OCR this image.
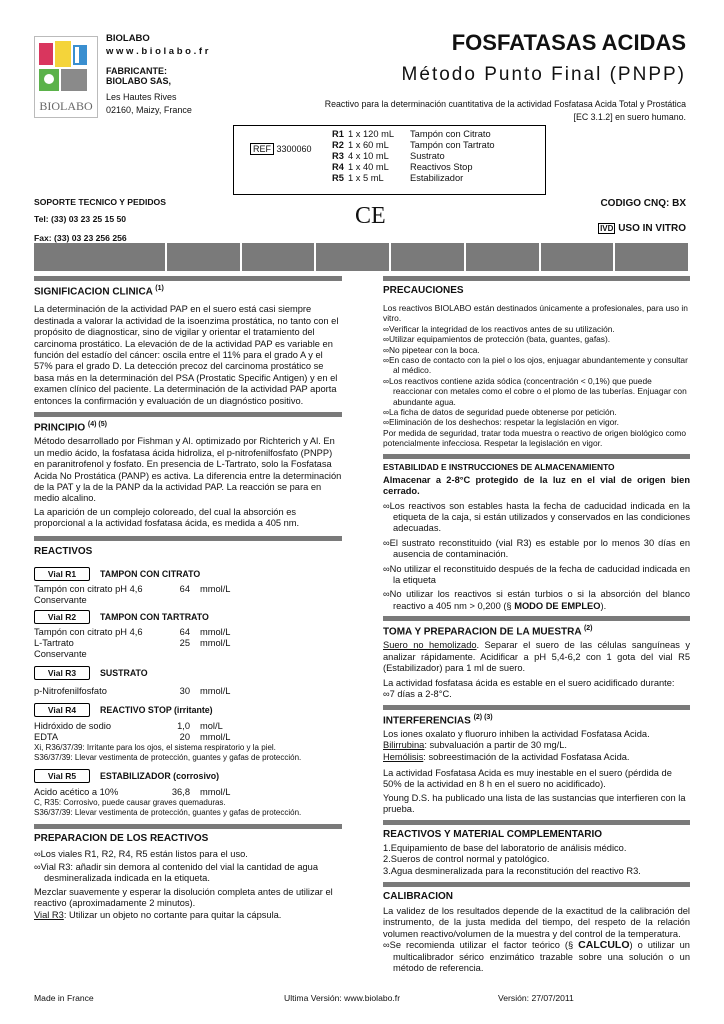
BIOLABO
BIOLABO
w w w . b i o l a b o . f r
FABRICANTE:
BIOLABO SAS,
Les Hautes Rives
02160, Maizy, France
FOSFATASAS ACIDAS
Método Punto Final (PNPP)
Reactivo para la determinación cuantitativa de la actividad Fosfatasa Acida Total y Prostática
[EC 3.1.2] en suero humano.
REF 3300060
R1	1 x 120 mL	Tampón con Citrato
R2	1 x 60 mL	Tampón con Tartrato
R3	4 x 10 mL	Sustrato
R4	1 x 40 mL	Reactivos Stop
R5	1 x 5 mL	Estabilizador
SOPORTE TECNICO Y PEDIDOS
Tel: (33) 03 23 25 15 50
Fax: (33) 03 23 256 256
CE	CODIGO CNQ: BX
IVD USO IN VITRO
SIGNIFICACION CLINICA $^{(1)}$
La determinación de la actividad PAP en el suero está casi siempre destinada a valorar la actividad de la isoenzima prostática, no tanto con el propósito de diagnosticar, sino de vigilar y orientar el tratamiento del carcinoma prostático. La elevación de de la actividad PAP es variable en función del estadío del cáncer: oscila entre el 11% para el grado A y el 57% para el grado D. La detección precoz del carcinoma prostático se basa más en la determinación del PSA (Prostatic Specific Antigen) y en el examen clínico del paciente. La determinación de la actividad PAP aporta entonces la confirmación y evaluación de un diagnóstico positivo.
PRINCIPIO $^{(4) (5)}$
Método desarrollado por Fishman y Al. optimizado por Richterich y Al. En un medio ácido, la fosfatasa ácida hidroliza, el p-nitrofenilfosfato (PNPP) en paranitrofenol y fosfato. En presencia de L-Tartrato, solo la Fosfatasa Acida No Prostática (PANP) es activa. La diferencia entre la determinación de la PAT y la de la PANP da la actividad PAP. La reacción se para en medio alcalino.
La aparición de un complejo coloreado, del cual la absorción es proporcional a la actividad fosfatasa ácida, es medida a 405 nm.
REACTIVOS
Vial R1	TAMPON CON CITRATO
Tampón con citrato pH 4,6	64	mmol/L
Conservante		
Vial R2	TAMPON CON TARTRATO
Tampón con citrato pH 4,6	64	mmol/L
L-Tartrato	25	mmol/L
Conservante		
Vial R3	SUSTRATO
p-Nitrofenilfosfato	30	mmol/L
Vial R4	REACTIVO STOP (irritante)
Hidróxido de sodio	1,0	mol/L
EDTA	20	mmol/L
Xi, R36/37/39: Irritante para los ojos, el sistema respiratorio y la piel.
S36/37/39: Llevar vestimenta de protección, guantes y gafas de protección.
Vial R5	ESTABILIZADOR (corrosivo)
Acido acético a 10%	36,8	mmol/L
C, R35: Corrosivo, puede causar graves quemaduras.
S36/37/39: Llevar vestimenta de protección, guantes y gafas de protección.
PREPARACION DE LOS REACTIVOS
∞Los viales R1, R2, R4, R5 están listos para el uso.
∞Vial R3: añadir sin demora al contenido del vial la cantidad de agua desmineralizada indicada en la etiqueta.
Mezclar suavemente y esperar la disolución completa antes de utilizar el reactivo (aproximadamente 2 minutos).
Vial R3: Utilizar un objeto no cortante para quitar la cápsula.
PRECAUCIONES
Los reactivos BIOLABO están destinados únicamente a profesionales, para uso in vitro.
∞Verificar la integridad de los reactivos antes de su utilización.
∞Utilizar equipamientos de protección (bata, guantes, gafas).
∞No pipetear con la boca.
∞En caso de contacto con la piel o los ojos, enjuagar abundantemente y consultar al médico.
∞Los reactivos contiene azida sódica (concentración < 0,1%) que puede reaccionar con metales como el cobre o el plomo de las tuberías. Enjuagar con abundante agua.
∞La ficha de datos de seguridad puede obtenerse por petición.
∞Eliminación de los deshechos: respetar la legislación en vigor.
Por medida de seguridad, tratar toda muestra o reactivo de origen biológico como potencialmente infecciosa. Respetar la legislación en vigor.
ESTABILIDAD E INSTRUCCIONES DE ALMACENAMIENTO
Almacenar a 2-8°C protegido de la luz en el vial de origen bien cerrado.
∞Los reactivos son estables hasta la fecha de caducidad indicada en la etiqueta de la caja, si están utilizados y conservados en las condiciones adecuadas.
∞El sustrato reconstituido (vial R3) es estable por lo menos 30 días en ausencia de contaminación.
∞No utilizar el reconstituido después de la fecha de caducidad indicada en la etiqueta
∞No utilizar los reactivos si están turbios o si la absorción del blanco reactivo a 405 nm > 0,200 (§ MODO DE EMPLEO).
TOMA Y PREPARACION DE LA MUESTRA $^{(2)}$
Suero no hemolizado. Separar el suero de las células sanguíneas y analizar rápidamente. Acidificar a pH 5,4-6,2 con 1 gota del vial R5 (Estabilizador) para 1 ml de suero.
La actividad fosfatasa ácida es estable en el suero acidificado durante:
∞7 días a 2-8°C.
INTERFERENCIAS $^{(2) (3)}$
Los iones oxalato y fluoruro inhiben la actividad Fosfatasa Acida.
Bilirrubina: subvaluación a partir de 30 mg/L.
Hemólisis: sobreestimación de la actividad Fosfatasa Acida.
La actividad Fosfatasa Acida es muy inestable en el suero (pérdida de 50% de la actividad en 8 h en el suero no acidificado).
Young D.S. ha publicado una lista de las sustancias que interfieren con la prueba.
REACTIVOS Y MATERIAL COMPLEMENTARIO
1.Equipamiento de base del laboratorio de análisis médico.
2.Sueros de control normal y patológico.
3.Agua desmineralizada para la reconstitución del reactivo R3.
CALIBRACION
La validez de los resultados depende de la exactitud de la calibración del instrumento, de la justa medida del tiempo, del respeto de la relación volumen reactivo/volumen de la muestra y del control de la temperatura.
∞Se recomienda utilizar el factor teórico (§ CALCULO) o utilizar un multicalibrador sérico enzimático trazable sobre una solución o un método de referencia.
Made in France	Ultima Versión: www.biolabo.fr	Versión: 27/07/2011
